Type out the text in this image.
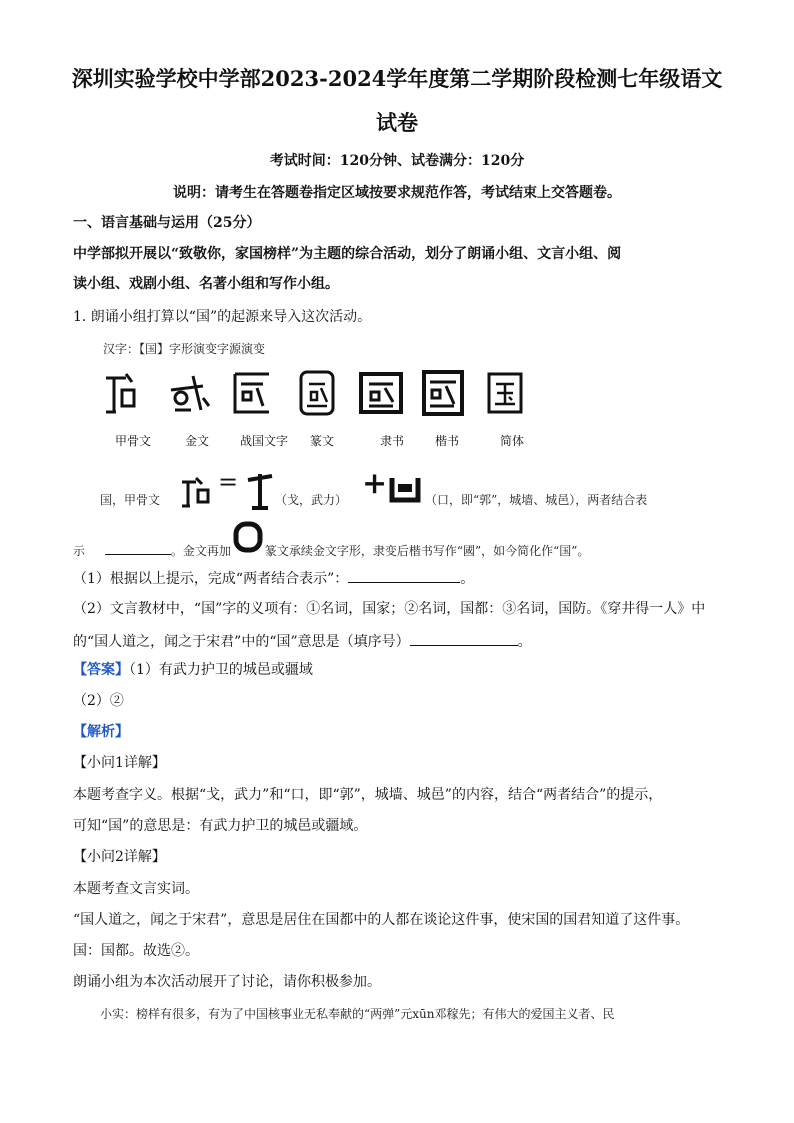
深圳实验学校中学部2023-2024学年度第二学期阶段检测七年级语文
试卷
考试时间：120分钟、试卷满分：120分
说明：请考生在答题卷指定区域按要求规范作答，考试结束上交答题卷。
一、语言基础与运用（25分）
中学部拟开展以“致敬你，家国榜样”为主题的综合活动，划分了朗诵小组、文言小组、阅
读小组、戏剧小组、名著小组和写作小组。
1. 朗诵小组打算以“国”的起源来导入这次活动。
汉字：【国】字形演变字源演变
甲骨文	金文	战国文字 篆文	隶书	楷书	简体
国，甲骨文
=
（戈，武力） +	（口，即“郭”，城墙、城邑），两者结合表
示	。金文再加	篆文承续金文字形，隶变后楷书写作“國”，如今简化作“国”。
（1）根据以上提示，完成“两者结合表示”：	。
（2）文言教材中，“国”字的义项有：①名词，国家；②名词，国都：③名词，国防。《穿井得一人》中
的“国人道之，闻之于宋君”中的“国”意思是（填序号）	。
【答案】（1）有武力护卫的城邑或疆域
（2）②
【解析】
【小问1详解】
本题考查字义。根据“戈，武力”和“口，即“郭”，城墙、城邑”的内容，结合“两者结合”的提示，
可知“国”的意思是：有武力护卫的城邑或疆域。
【小问2详解】
本题考查文言实词。
“国人道之，闻之于宋君”，意思是居住在国都中的人都在谈论这件事，使宋国的国君知道了这件事。
国：国都。故选②。
朗诵小组为本次活动展开了讨论，请你积极参加。
小实：榜样有很多，有为了中国核事业无私奉献的“两弹”元xūn邓稼先；有伟大的爱国主义者、民
